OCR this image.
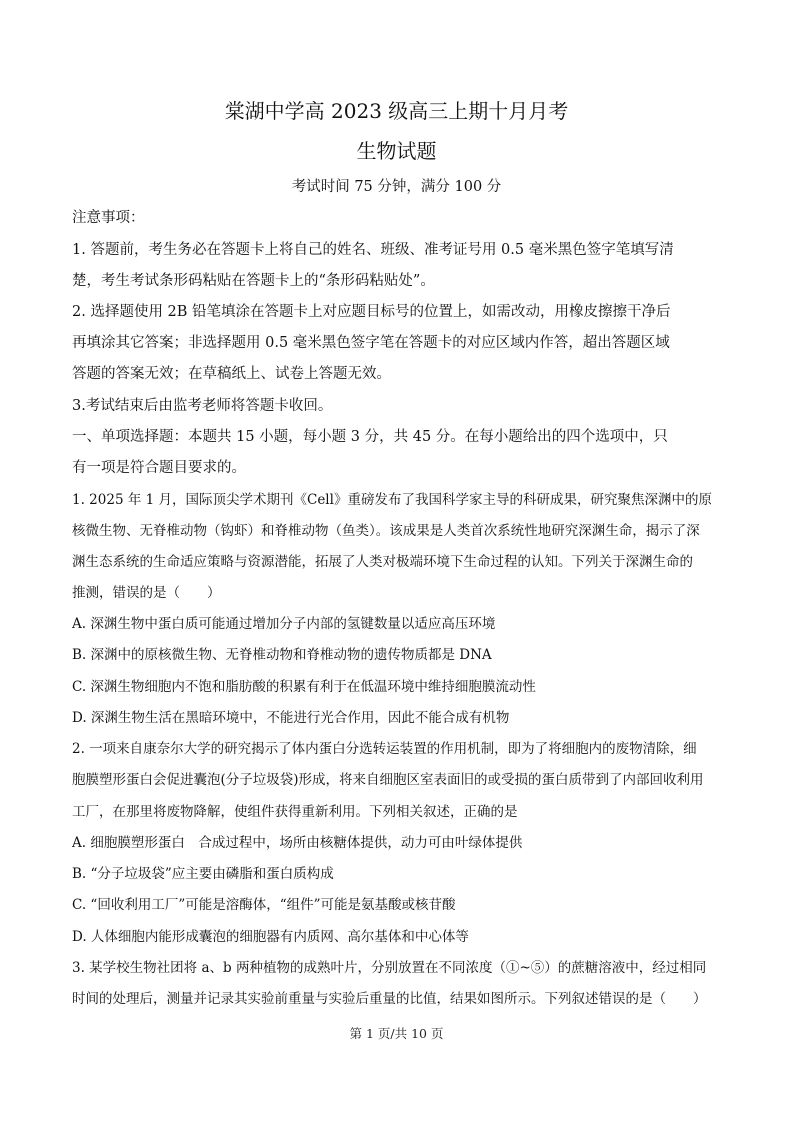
棠湖中学高 2023 级高三上期十月月考
生物试题
考试时间 75 分钟，满分 100 分
注意事项：
1. 答题前，考生务必在答题卡上将自己的姓名、班级、准考证号用 0.5 毫米黑色签字笔填写清
楚，考生考试条形码粘贴在答题卡上的“条形码粘贴处”。
2. 选择题使用 2B 铅笔填涂在答题卡上对应题目标号的位置上，如需改动，用橡皮擦擦干净后
再填涂其它答案；非选择题用 0.5 毫米黑色签字笔在答题卡的对应区域内作答，超出答题区域
答题的答案无效；在草稿纸上、试卷上答题无效。
3.考试结束后由监考老师将答题卡收回。
一、单项选择题：本题共 15 小题，每小题 3 分，共 45 分。在每小题给出的四个选项中，只
有一项是符合题目要求的。
1. 2025 年 1 月，国际顶尖学术期刊《Cell》重磅发布了我国科学家主导的科研成果，研究聚焦深渊中的原
核微生物、无脊椎动物（钩虾）和脊椎动物（鱼类）。该成果是人类首次系统性地研究深渊生命，揭示了深
渊生态系统的生命适应策略与资源潜能，拓展了人类对极端环境下生命过程的认知。下列关于深渊生命的
推测，错误的是（　　）
A. 深渊生物中蛋白质可能通过增加分子内部的氢键数量以适应高压环境
B. 深渊中的原核微生物、无脊椎动物和脊椎动物的遗传物质都是 DNA
C. 深渊生物细胞内不饱和脂肪酸的积累有利于在低温环境中维持细胞膜流动性
D. 深渊生物生活在黑暗环境中，不能进行光合作用，因此不能合成有机物
2. 一项来自康奈尔大学的研究揭示了体内蛋白分选转运装置的作用机制，即为了将细胞内的废物清除，细
胞膜塑形蛋白会促进囊泡(分子垃圾袋)形成，将来自细胞区室表面旧的或受损的蛋白质带到了内部回收利用
工厂，在那里将废物降解，使组件获得重新利用。下列相关叙述，正确的是
A. 细胞膜塑形蛋白　合成过程中，场所由核糖体提供，动力可由叶绿体提供
B. “分子垃圾袋”应主要由磷脂和蛋白质构成
C. “回收利用工厂”可能是溶酶体，“组件”可能是氨基酸或核苷酸
D. 人体细胞内能形成囊泡的细胞器有内质网、高尔基体和中心体等
3. 某学校生物社团将 a、b 两种植物的成熟叶片，分别放置在不同浓度（①~⑤）的蔗糖溶液中，经过相同
时间的处理后，测量并记录其实验前重量与实验后重量的比值，结果如图所示。下列叙述错误的是（　　）
第 1 页/共 10 页
